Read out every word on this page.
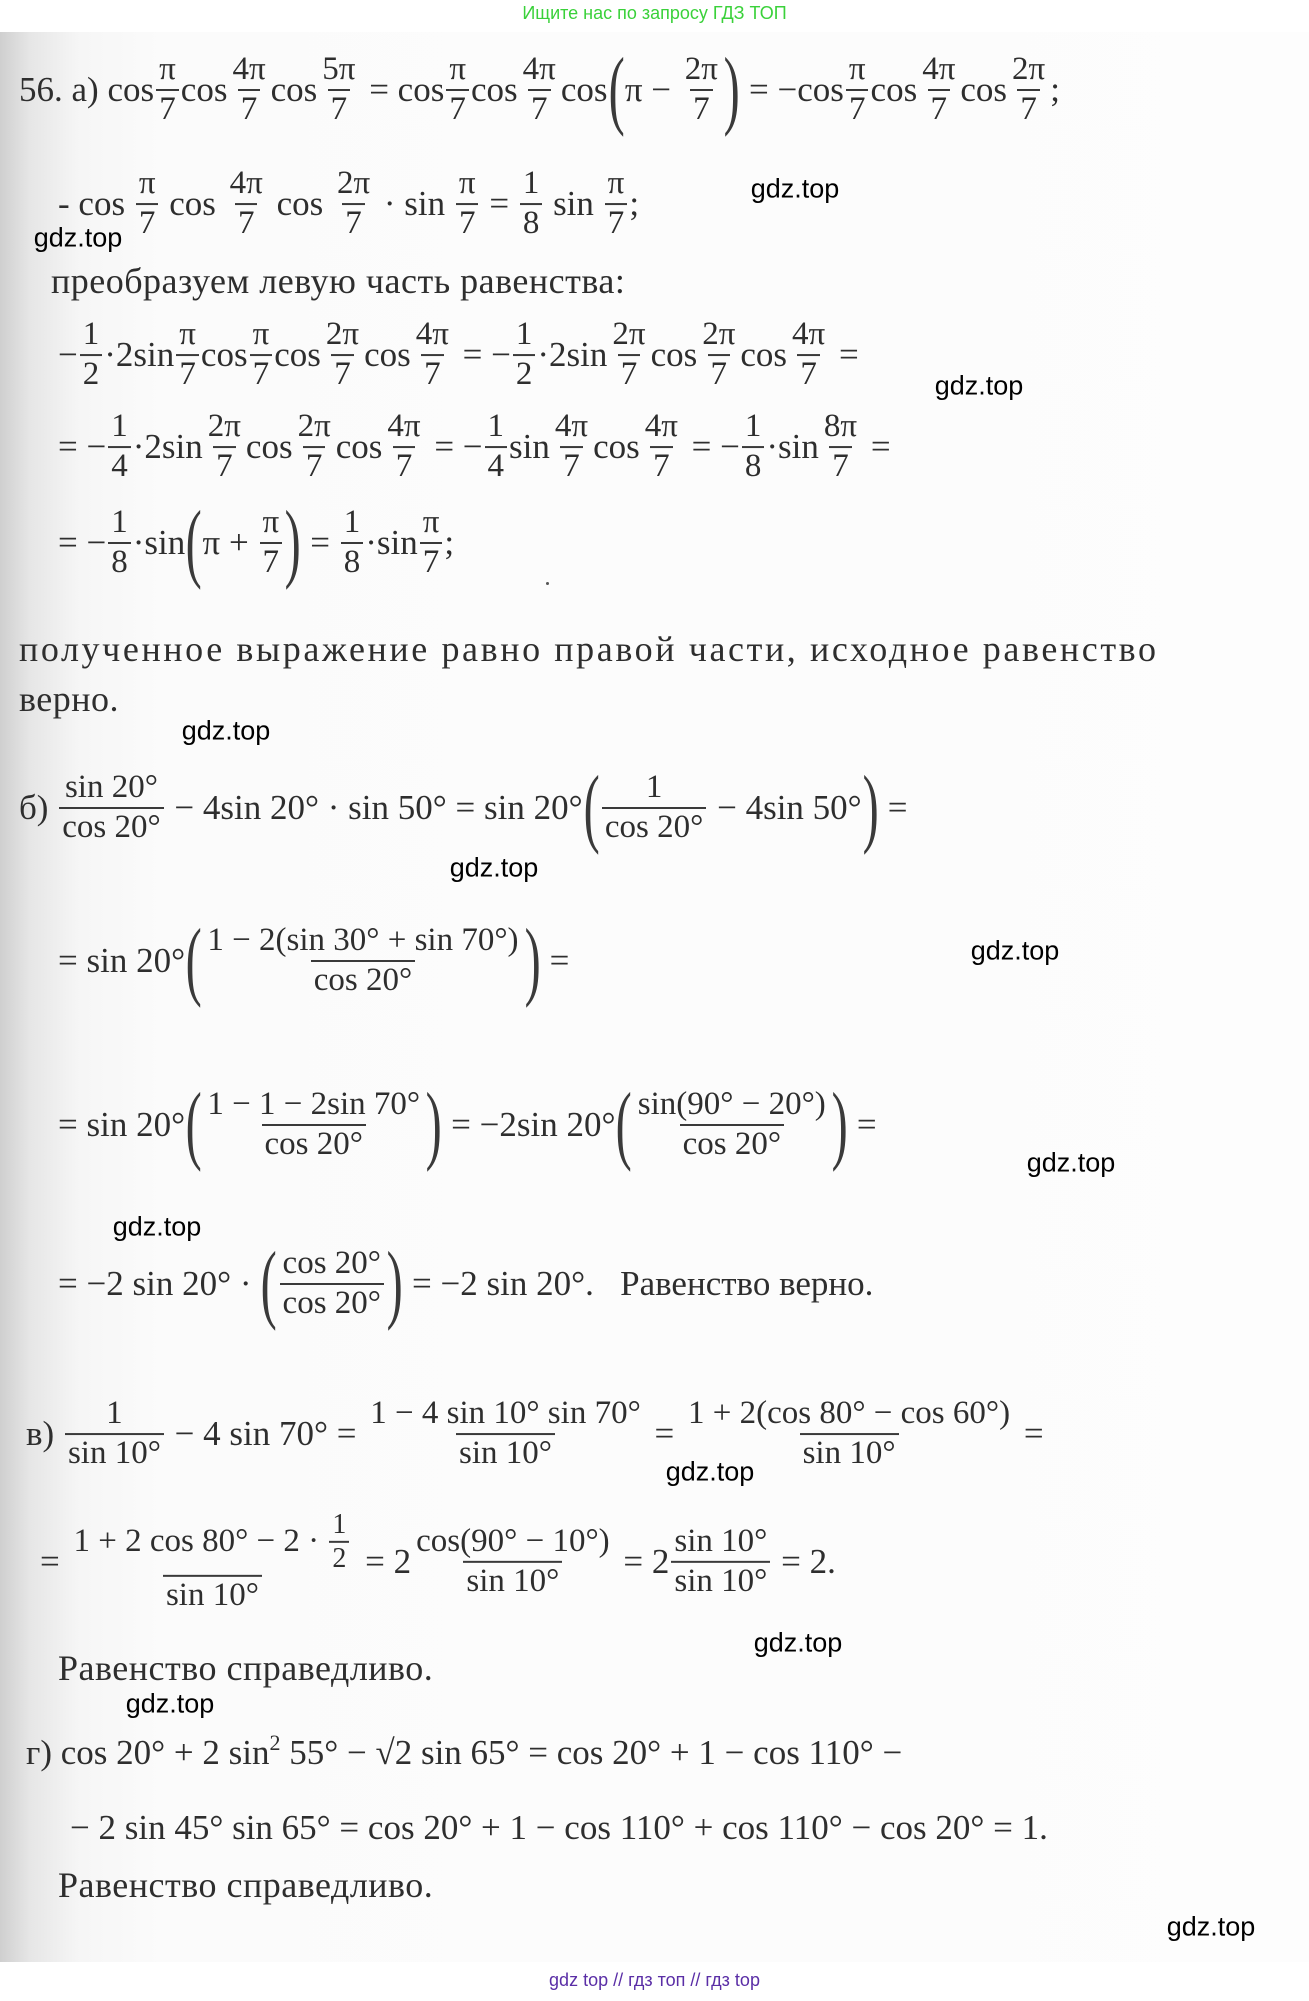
Ищите нас по запросу ГДЗ ТОП
56. а) $\cos \frac{\pi}{7}$ $\cos \frac{4\pi}{7}$ $\cos \frac{5\pi}{7} = \cos \frac{\pi}{7}$ $\cos \frac{4\pi}{7}$ cos ( $\pi - \frac{2\pi}{7}$ ) = $-\cos \frac{\pi}{7}$ $\cos \frac{4\pi}{7}$ $\cos \frac{2\pi}{7}$ ;
- $\cos \frac{\pi}{7}$ $\cos \frac{4\pi}{7}$ $\cos \frac{2\pi}{7} \cdot \sin \frac{\pi}{7} = \frac{1}{8}$ $\sin \frac{\pi}{7}$ ;
− $\frac{1}{2} \cdot 2\sin \frac{\pi}{7}$ $\cos \frac{\pi}{7}$ $\cos \frac{2\pi}{7}$ $\cos \frac{4\pi}{7}$ = − $\frac{1}{2} \cdot 2\sin \frac{2\pi}{7}$ $\cos \frac{2\pi}{7}$ $\cos \frac{4\pi}{7}$ =
= − $\frac{1}{4} \cdot 2\sin \frac{2\pi}{7}$ $\cos \frac{2\pi}{7}$ $\cos \frac{4\pi}{7}$ = − $\frac{1}{4}$ $\sin \frac{4\pi}{7}$ $\cos \frac{4\pi}{7}$ = − $\frac{1}{8} \cdot\sin \frac{8\pi}{7}$ =
= − $\frac{1}{8} \cdot\sin$ ( $\pi + \frac{\pi}{7}$ ) = $\frac{1}{8} \cdot\sin \frac{\pi}{7}$ ;
$б) \frac{\sin 20^\circ}{\cos 20^\circ} - 4\sin$ 20° · sin 50° = sin 20° ( $\frac{1}{\cos 20^\circ} - 4\sin$ 50° ) =
= sin 20° ( $\frac{1 - 2(\sin 30^\circ + \sin 70^\circ)}{\cos 20^\circ}$ ) =
= sin 20° ( $\frac{1 - 1 - 2\sin 70^\circ}{\cos 20^\circ}$ ) = −2sin 20° ( $\frac{\sin(90^\circ - 20^\circ)}{\cos 20^\circ}$ ) =
= −2 sin 20° · ( $\frac{\cos 20^\circ}{\cos 20^\circ}$ ) = −2 sin 20°.   Равенство верно.
$в) \frac{1}{\sin 10^\circ} - 4$ $\sin 70^\circ = \frac{1 - 4 \sin 10^\circ \sin 70^\circ}{\sin 10^\circ} = \frac{1 + 2(\cos 80^\circ - \cos 60^\circ)}{\sin 10^\circ}$ =
= $\frac{1 + 2 \cos 80^\circ - 2 \cdot \frac{1}{2}}{\sin 10^\circ} = 2 \frac{\cos(90^\circ - 10^\circ)}{\sin 10^\circ} = 2 \frac{\sin 10^\circ}{\sin 10^\circ} = 2$.
г) cos 20° + 2 $\sin^2 55^\circ - √2$ sin 65° = cos 20° + 1 − cos 110° −
− 2 sin 45° sin 65° = cos 20° + 1 − cos 110° + cos 110° − cos 20° = 1.
преобразуем левую часть равенства:
полученное выражение равно правой части, исходное равенство
верно.
Равенство справедливо.
Равенство справедливо.
gdz.top
gdz.top
gdz.top
gdz.top
gdz.top
gdz.top
gdz.top
gdz.top
gdz.top
gdz.top
gdz.top
gdz.top
gdz top // гдз топ // гдз top
